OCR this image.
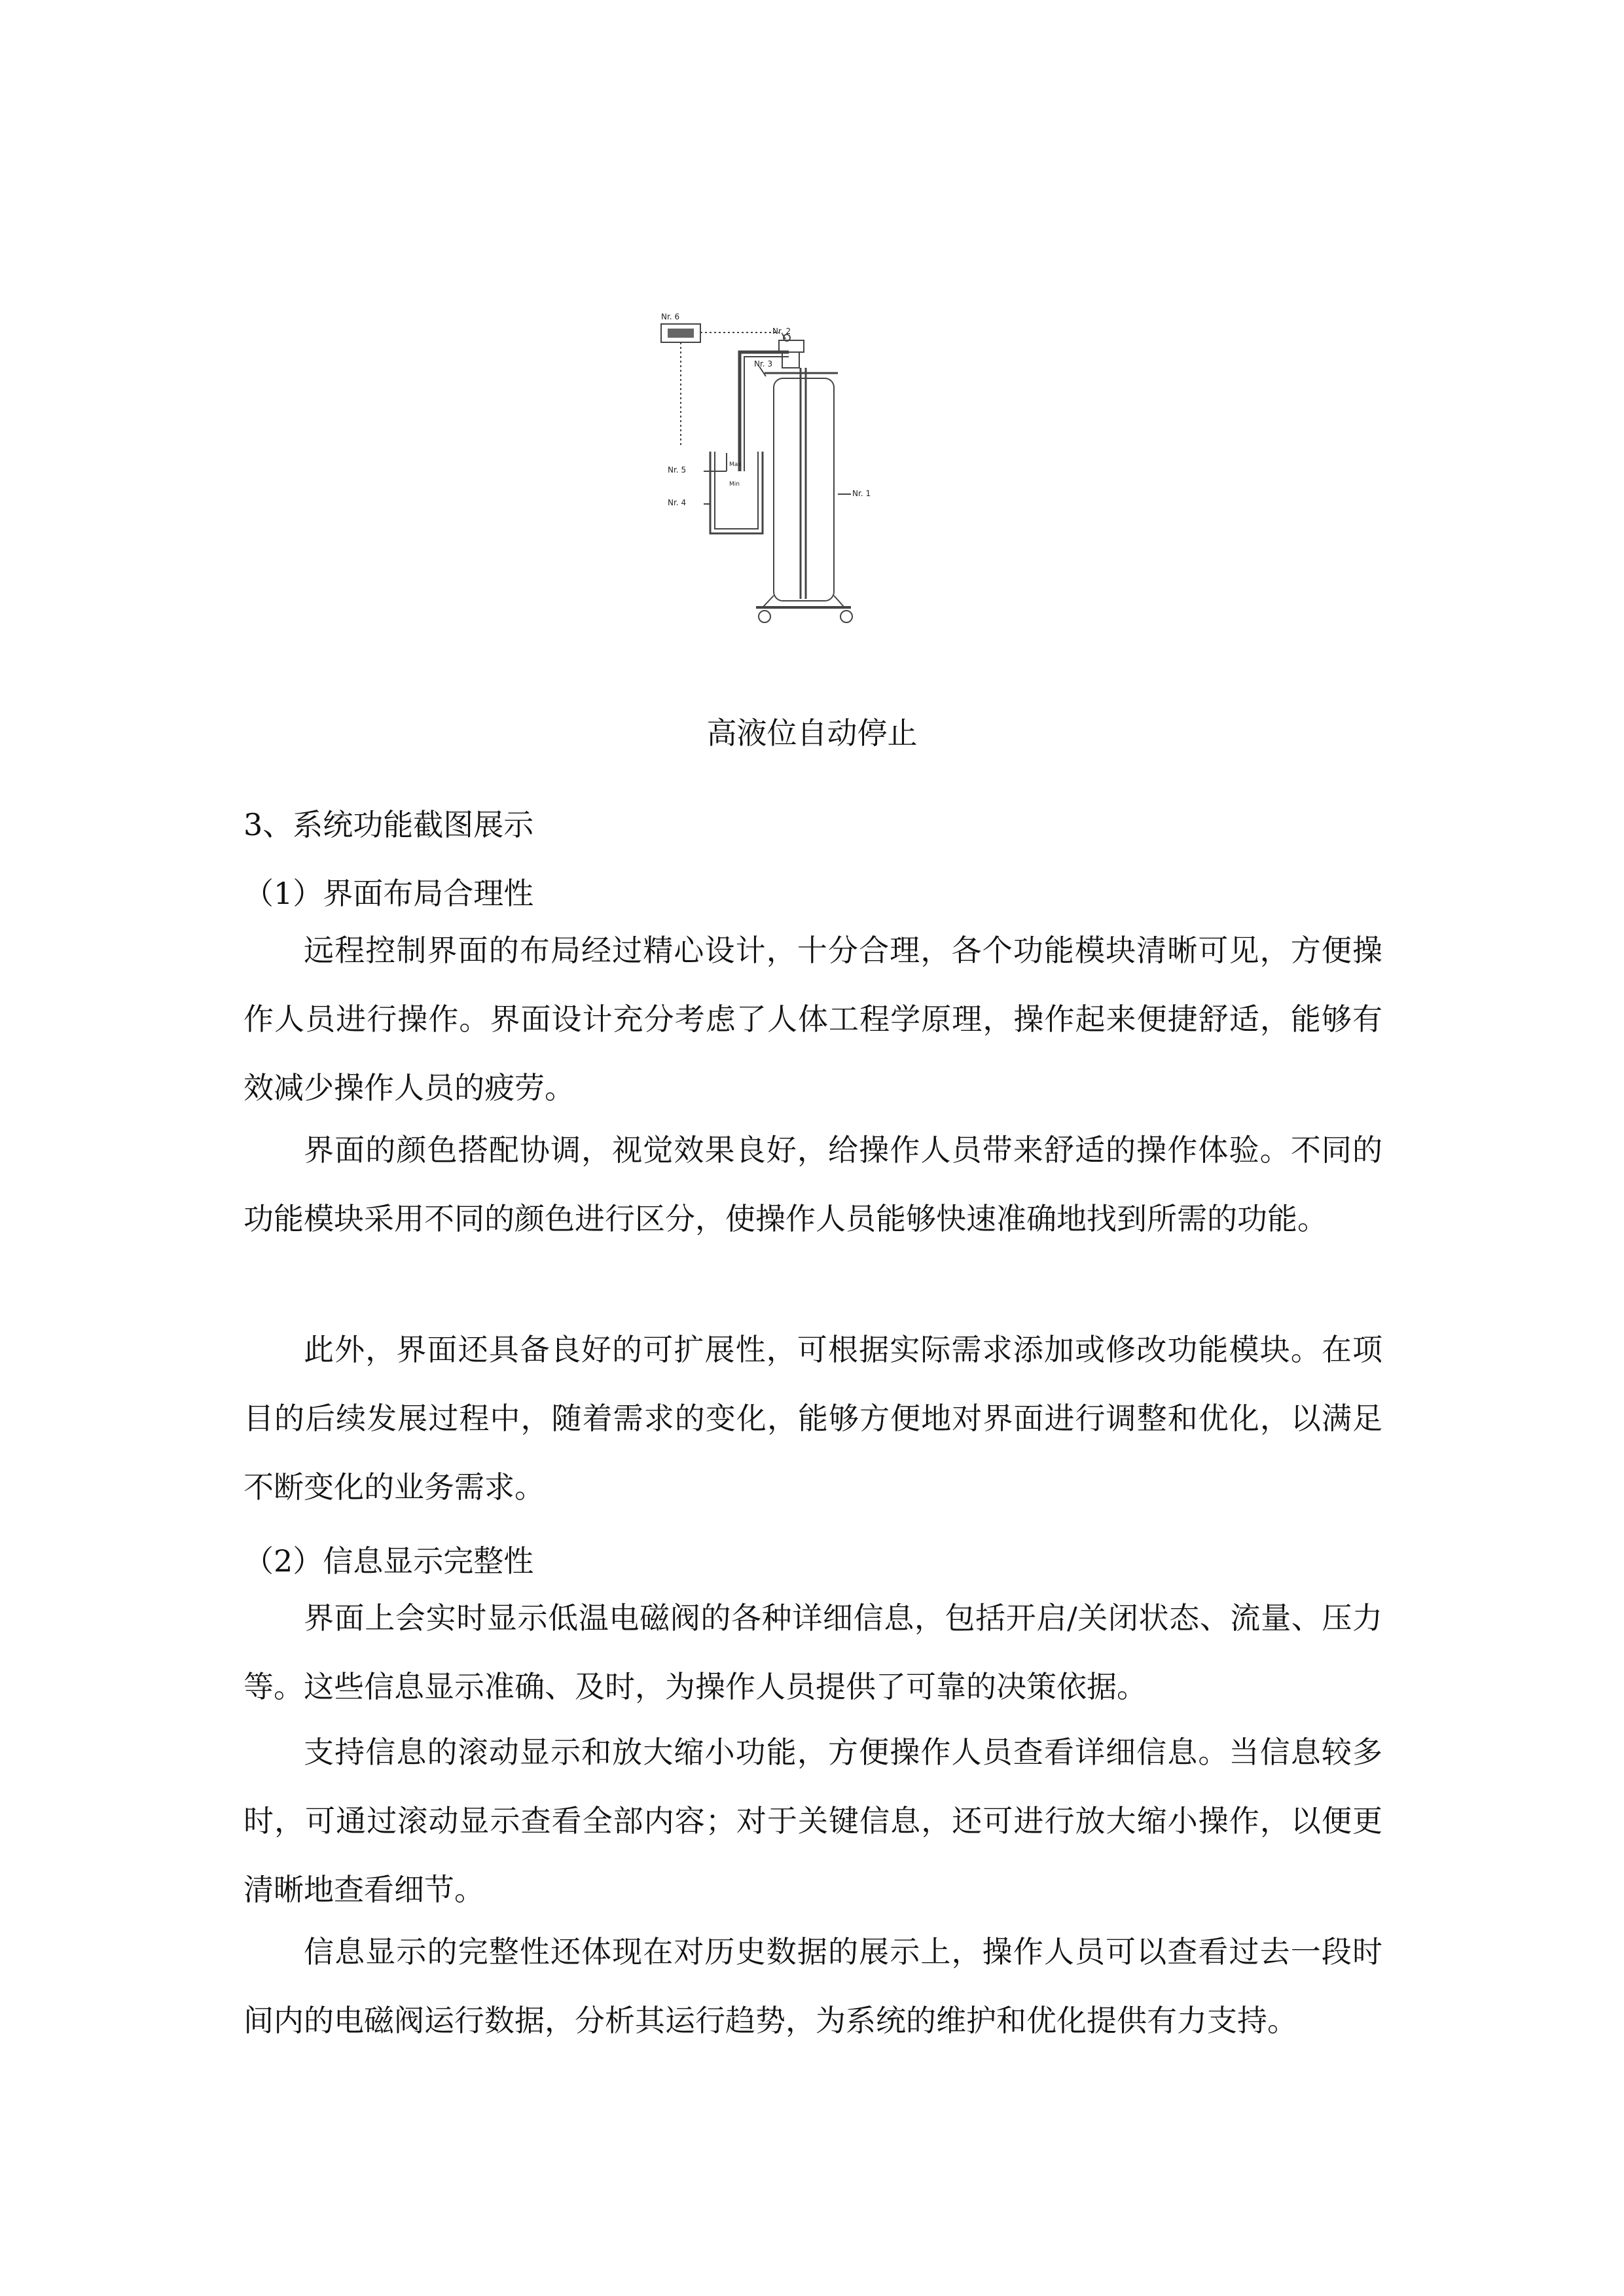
Nr. 6
Nr. 2
Nr. 3
Nr. 1
Nr. 5
Nr. 4
Max
Min
高液位自动停止
3、系统功能截图展示
（1）界面布局合理性
远程控制界面的布局经过精心设计，十分合理，各个功能模块清晰可见，方便操作人员进行操作。界面设计充分考虑了人体工程学原理，操作起来便捷舒适，能够有效减少操作人员的疲劳。
界面的颜色搭配协调，视觉效果良好，给操作人员带来舒适的操作体验。不同的功能模块采用不同的颜色进行区分，使操作人员能够快速准确地找到所需的功能。
此外，界面还具备良好的可扩展性，可根据实际需求添加或修改功能模块。在项目的后续发展过程中，随着需求的变化，能够方便地对界面进行调整和优化，以满足不断变化的业务需求。
（2）信息显示完整性
界面上会实时显示低温电磁阀的各种详细信息，包括开启/关闭状态、流量、压力等。这些信息显示准确、及时，为操作人员提供了可靠的决策依据。
支持信息的滚动显示和放大缩小功能，方便操作人员查看详细信息。当信息较多时，可通过滚动显示查看全部内容；对于关键信息，还可进行放大缩小操作，以便更清晰地查看细节。
信息显示的完整性还体现在对历史数据的展示上，操作人员可以查看过去一段时间内的电磁阀运行数据，分析其运行趋势，为系统的维护和优化提供有力支持。
